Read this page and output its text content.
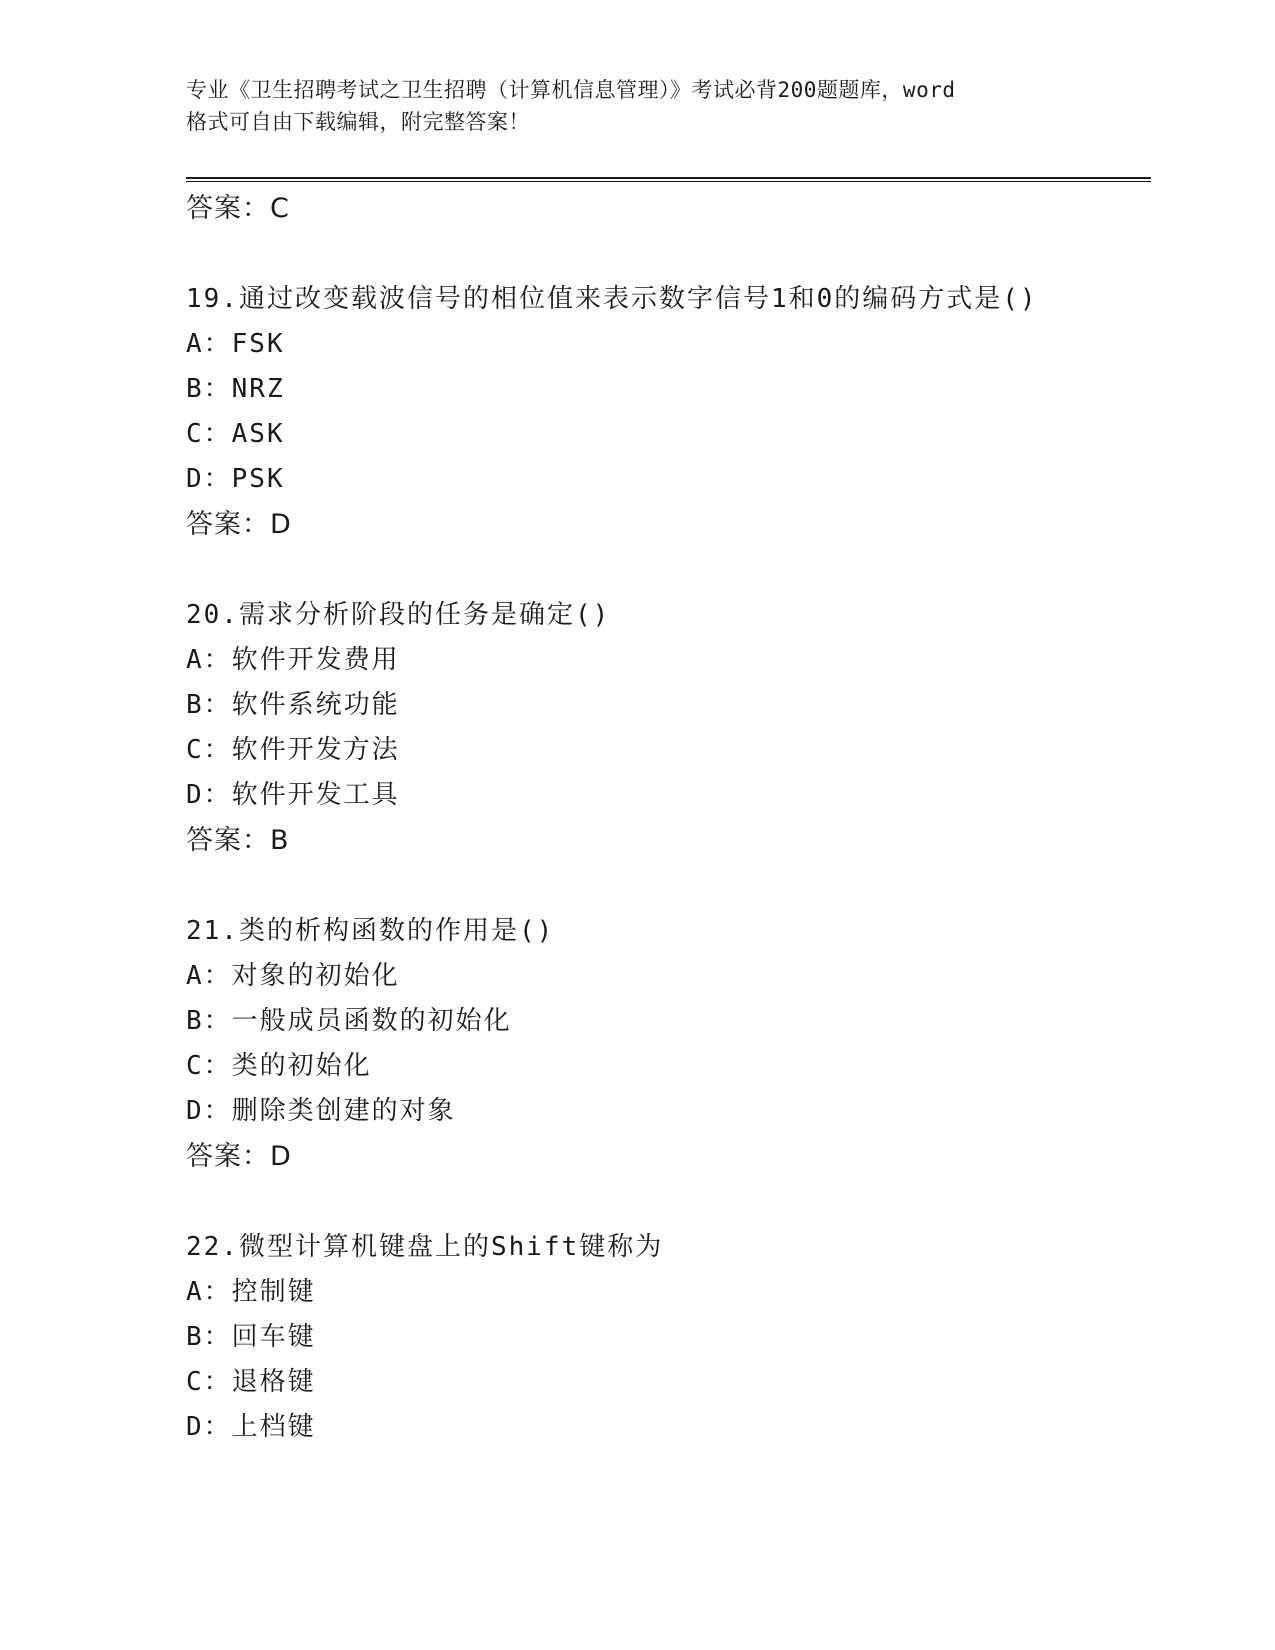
专业《卫生招聘考试之卫生招聘（计算机信息管理）》考试必背200题题库，word
格式可自由下载编辑，附完整答案！
答案：C
19.通过改变载波信号的相位值来表示数字信号1和0的编码方式是()
A：FSK
B：NRZ
C：ASK
D：PSK
答案：D
20.需求分析阶段的任务是确定()
A：软件开发费用
B：软件系统功能
C：软件开发方法
D：软件开发工具
答案：B
21.类的析构函数的作用是()
A：对象的初始化
B：一般成员函数的初始化
C：类的初始化
D：删除类创建的对象
答案：D
22.微型计算机键盘上的Shift键称为
A：控制键
B：回车键
C：退格键
D：上档键
